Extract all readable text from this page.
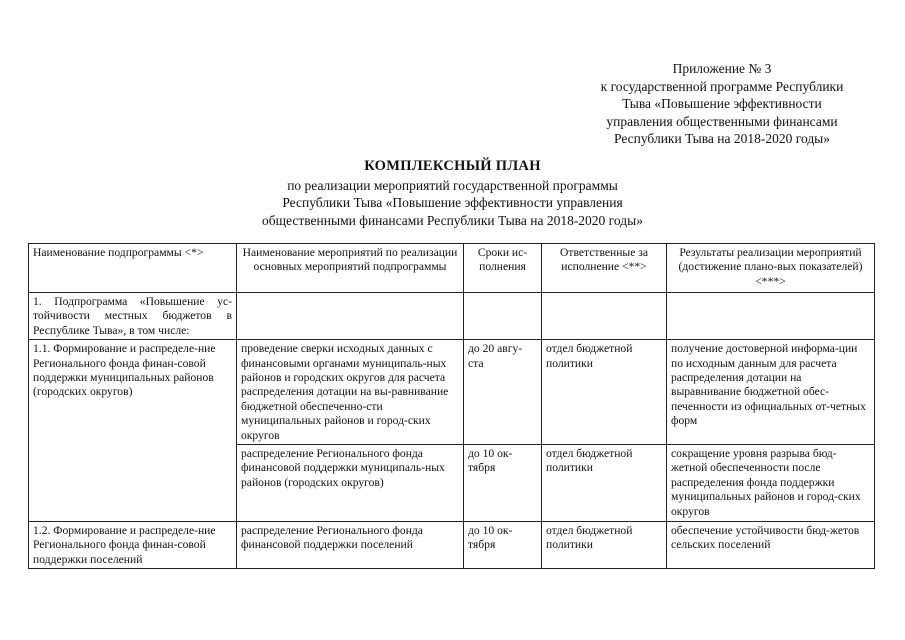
Приложение № 3
к государственной программе Республики
Тыва «Повышение эффективности
управления общественными финансами
Республики Тыва на 2018-2020 годы»
КОМПЛЕКСНЫЙ ПЛАН
по реализации мероприятий государственной программы
Республики Тыва «Повышение эффективности управления
общественными финансами Республики Тыва на 2018-2020 годы»
Наименование подпрограммы <*>	Наименование мероприятий по реализации основных мероприятий подпрограммы	Сроки ис-полнения	Ответственные за исполнение <**>	Результаты реализации мероприятий (достижение плано-вых показателей) <***>
1. Подпрограмма «Повышение ус-тойчивости местных бюджетов в Республике Тыва», в том числе:				
1.1. Формирование и распределе-ние Регионального фонда финан-совой поддержки муниципальных районов (городских округов)	проведение сверки исходных данных с финансовыми органами муниципаль-ных районов и городских округов для расчета распределения дотации на вы-равнивание бюджетной обеспеченно-сти муниципальных районов и город-ских округов	до 20 авгу-ста	отдел бюджетной политики	получение достоверной информа-ции по исходным данным для расчета распределения дотации на выравнивание бюджетной обес-печенности из официальных от-четных форм
	распределение Регионального фонда финансовой поддержки муниципаль-ных районов (городских округов)	до 10 ок-тября	отдел бюджетной политики	сокращение уровня разрыва бюд-жетной обеспеченности после распределения фонда поддержки муниципальных районов и город-ских округов
1.2. Формирование и распределе-ние Регионального фонда финан-совой поддержки поселений	распределение Регионального фонда финансовой поддержки поселений	до 10 ок-тября	отдел бюджетной политики	обеспечение устойчивости бюд-жетов сельских поселений
